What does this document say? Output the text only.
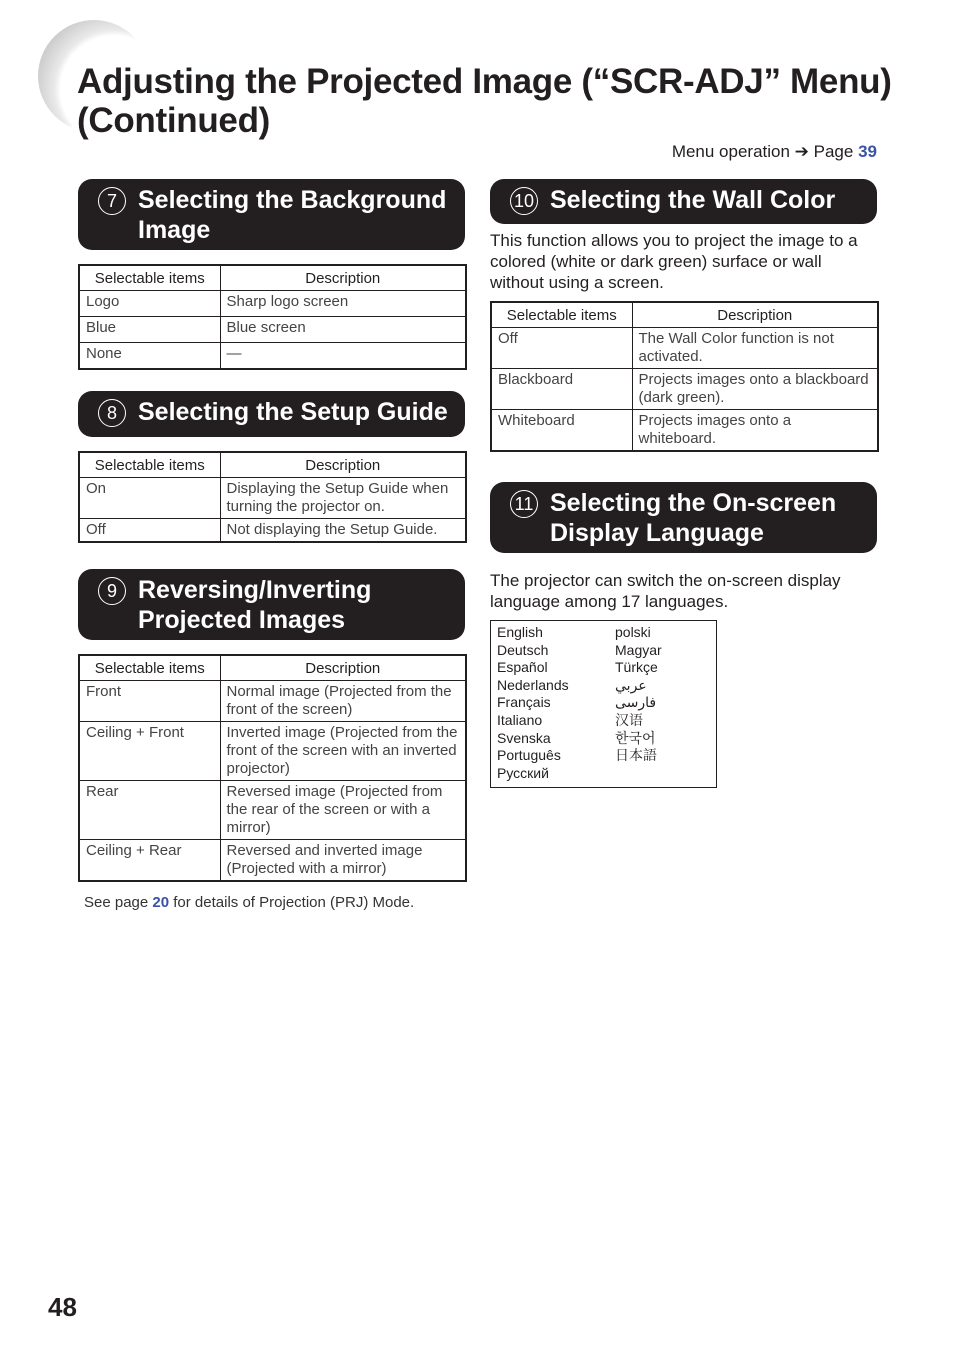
Adjusting the Projected Image (“SCR-ADJ” Menu)
(Continued)
Menu operation ➔ Page 39
7 Selecting the Background
Image
Selectable items	Description
Logo	Sharp logo screen
Blue	Blue screen
None	—
8 Selecting the Setup Guide
Selectable items	Description
On	Displaying the Setup Guide when turning the projector on.
Off	Not displaying the Setup Guide.
9 Reversing/Inverting
Projected Images
Selectable items	Description
Front	Normal image (Projected from the front of the screen)
Ceiling + Front	Inverted image (Projected from the front of the screen with an inverted projector)
Rear	Reversed image (Projected from the rear of the screen or with a mirror)
Ceiling + Rear	Reversed and inverted image (Projected with a mirror)
See page 20 for details of Projection (PRJ) Mode.
10 Selecting the Wall Color
This function allows you to project the image to a colored (white or dark green) surface or wall without using a screen.
Selectable items	Description
Off	The Wall Color function is not activated.
Blackboard	Projects images onto a blackboard (dark green).
Whiteboard	Projects images onto a whiteboard.
11 Selecting the On-screen
Display Language
The projector can switch the on-screen display language among 17 languages.
English
Deutsch
Español
Nederlands
Français
Italiano
Svenska
Português
Русский
polski
Magyar
Türkçe
عربي
فارسی
汉语
한국어
日本語
48
